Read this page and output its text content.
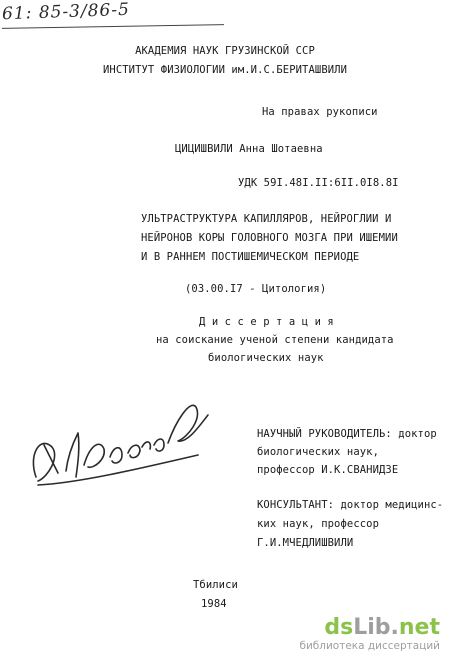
61: 85-3/86-5
АКАДЕМИЯ НАУК ГРУЗИНСКОЙ ССР
ИНСТИТУТ ФИЗИОЛОГИИ им.И.С.БЕРИТАШВИЛИ
На правах рукописи
ЦИЦИШВИЛИ Анна Шотаевна
УДК 59I.48I.II:6II.0I8.8I
УЛЬТРАСТРУКТУРА КАПИЛЛЯРОВ, НЕЙРОГЛИИ И
НЕЙРОНОВ КОРЫ ГОЛОВНОГО МОЗГА ПРИ ИШЕМИИ
И В РАННЕМ ПОСТИШЕМИЧЕСКОМ ПЕРИОДЕ
(03.00.I7 - Цитология)
Д и с с е р т а ц и я
на соискание ученой степени кандидата
биологических наук
НАУЧНЫЙ РУКОВОДИТЕЛЬ: доктор
биологических наук,
профессор И.К.СВАНИДЗЕ
КОНСУЛЬТАНТ: доктор медицинс-
ких наук, профессор
Г.И.МЧЕДЛИШВИЛИ
Тбилиси
1984
dsLib.net
библиотека диссертаций
